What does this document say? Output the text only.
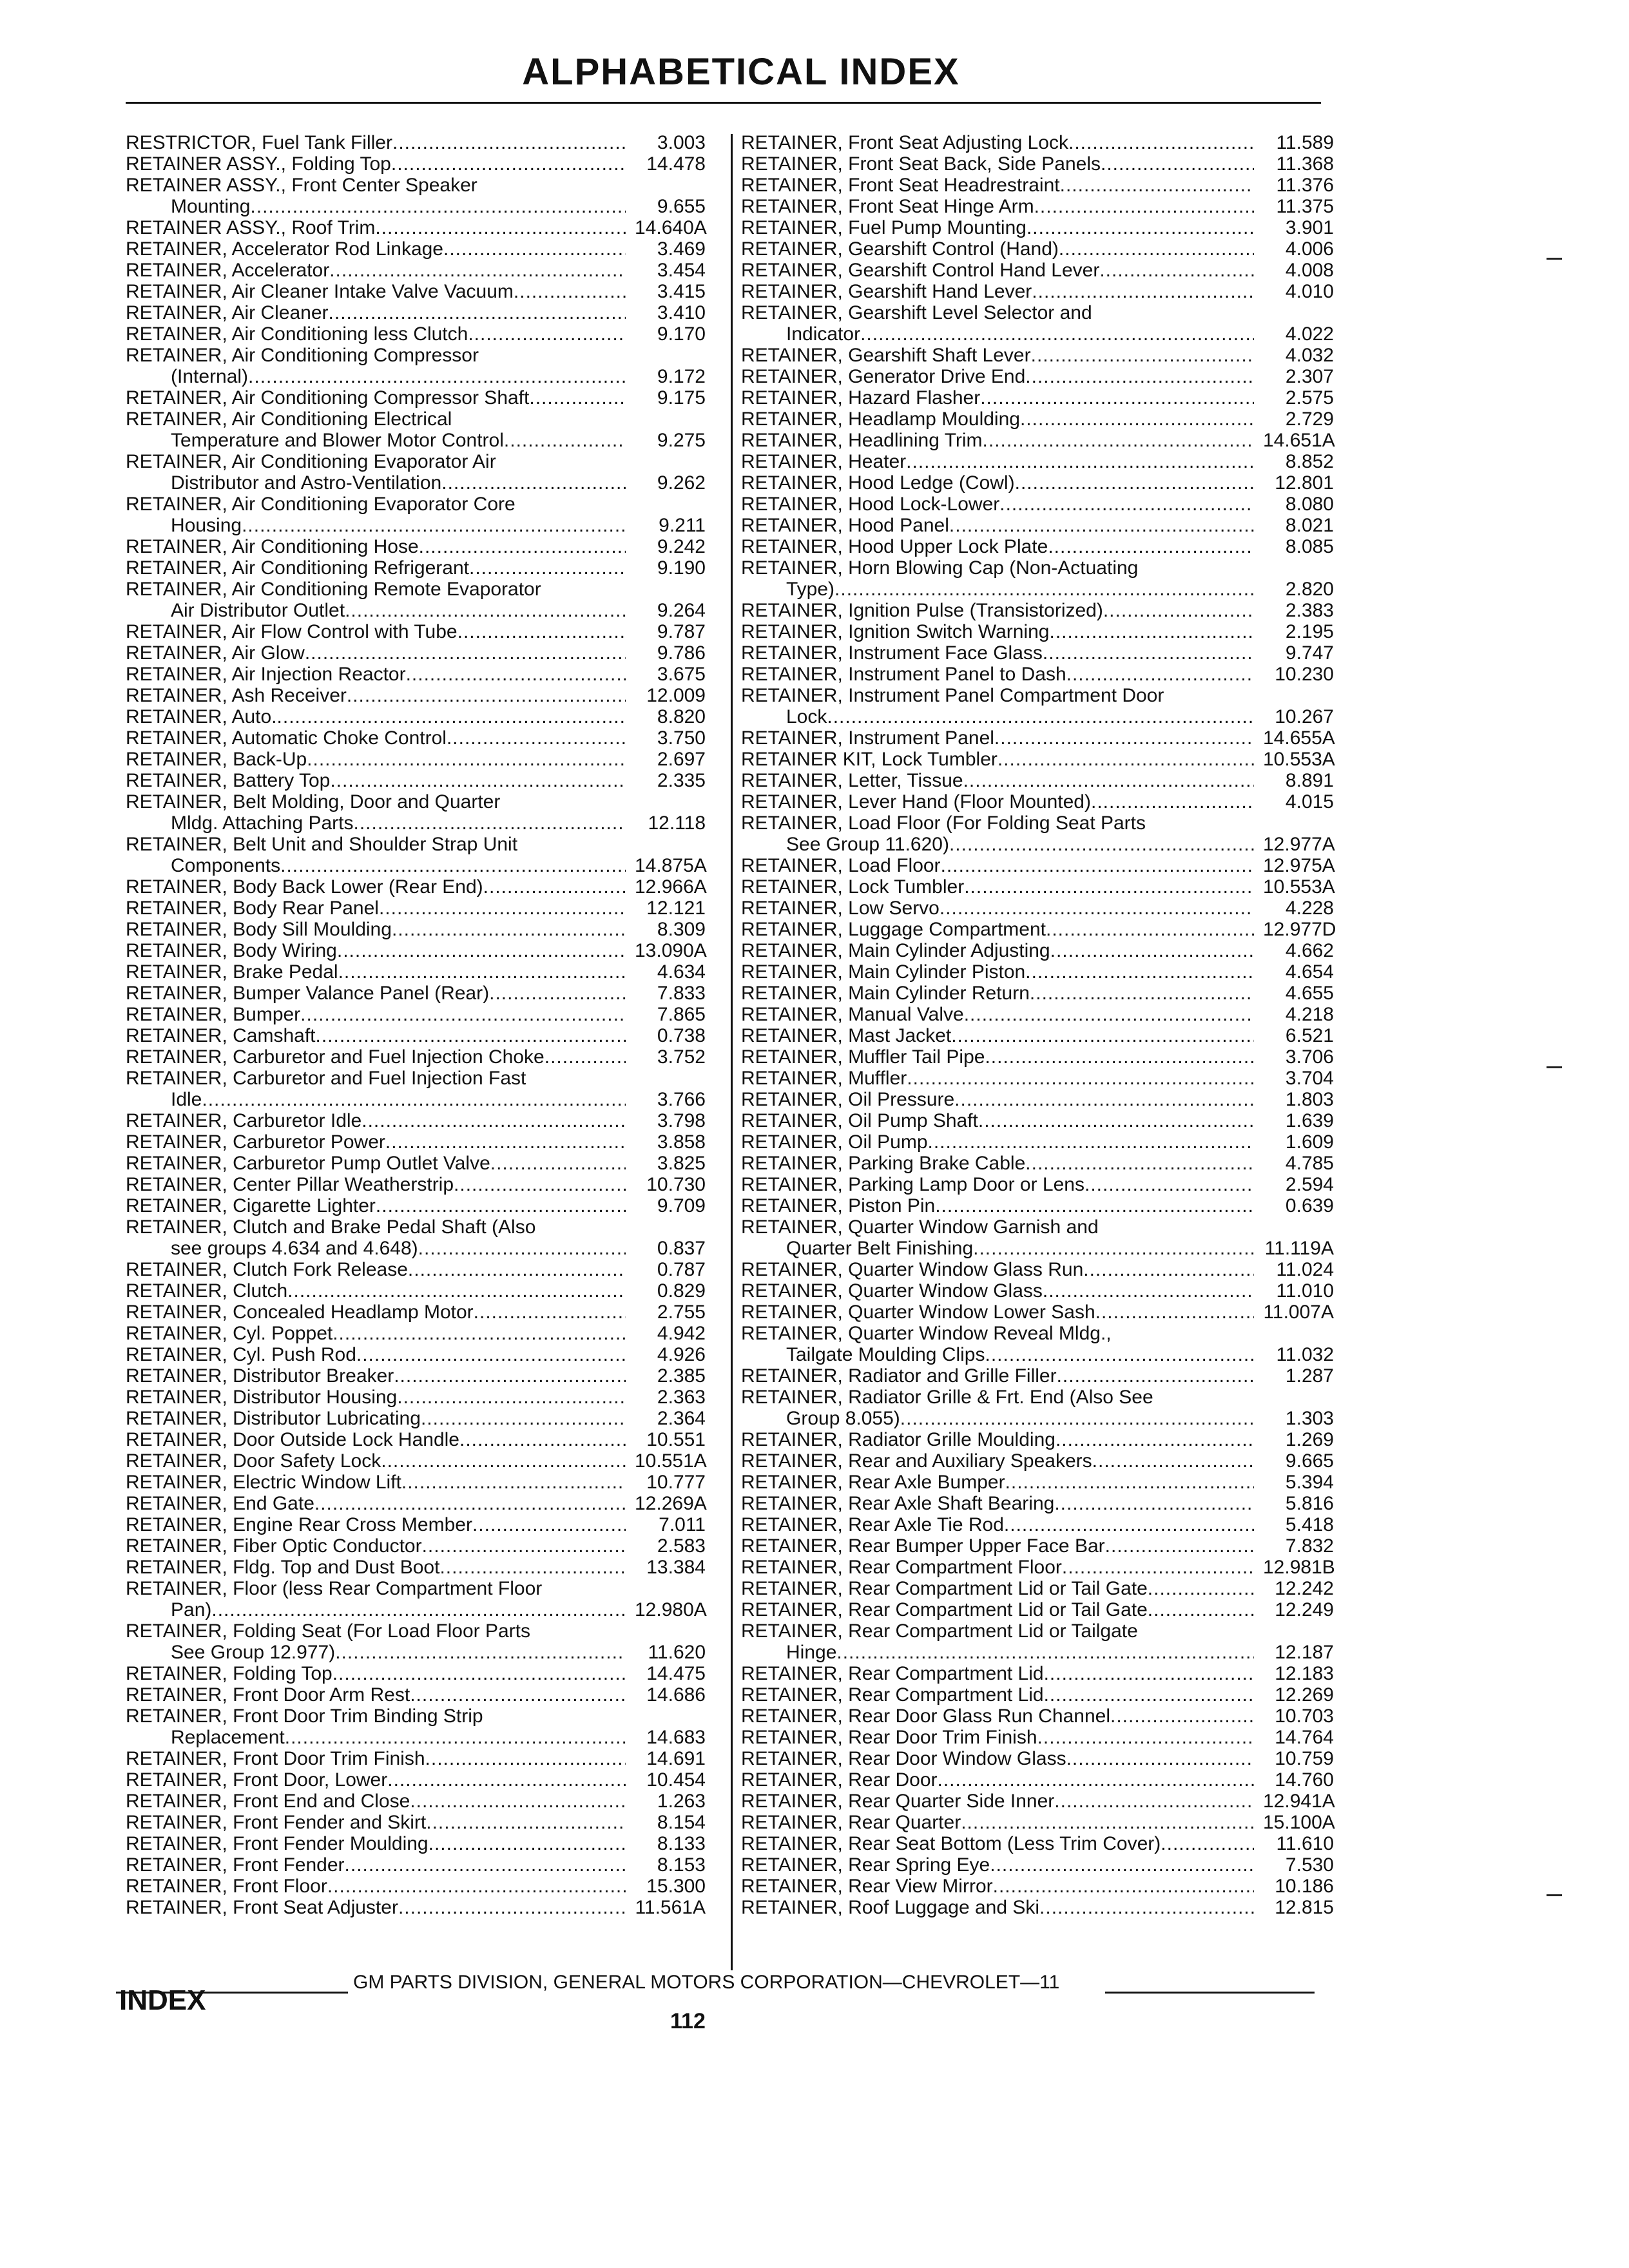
ALPHABETICAL INDEX
RESTRICTOR, Fuel Tank Filler .....	3.003
RETAINER ASSY., Folding Top .....	14.478
RETAINER ASSY., Front Center Speaker
Mounting .....	9.655
RETAINER ASSY., Roof Trim .....	14.640A
RETAINER, Accelerator Rod Linkage .....	3.469
RETAINER, Accelerator .....	3.454
RETAINER, Air Cleaner Intake Valve Vacuum .....	3.415
RETAINER, Air Cleaner .....	3.410
RETAINER, Air Conditioning less Clutch .....	9.170
RETAINER, Air Conditioning Compressor
(Internal) .....	9.172
RETAINER, Air Conditioning Compressor Shaft .....	9.175
RETAINER, Air Conditioning Electrical
Temperature and Blower Motor Control .....	9.275
RETAINER, Air Conditioning Evaporator Air
Distributor and Astro-Ventilation .....	9.262
RETAINER, Air Conditioning Evaporator Core
Housing .....	9.211
RETAINER, Air Conditioning Hose .....	9.242
RETAINER, Air Conditioning Refrigerant .....	9.190
RETAINER, Air Conditioning Remote Evaporator
Air Distributor Outlet .....	9.264
RETAINER, Air Flow Control with Tube .....	9.787
RETAINER, Air Glow .....	9.786
RETAINER, Air Injection Reactor .....	3.675
RETAINER, Ash Receiver .....	12.009
RETAINER, Auto. .....	8.820
RETAINER, Automatic Choke Control .....	3.750
RETAINER, Back-Up .....	2.697
RETAINER, Battery Top .....	2.335
RETAINER, Belt Molding, Door and Quarter
Mldg. Attaching Parts .....	12.118
RETAINER, Belt Unit and Shoulder Strap Unit
Components .....	14.875A
RETAINER, Body Back Lower (Rear End) .....	12.966A
RETAINER, Body Rear Panel .....	12.121
RETAINER, Body Sill Moulding .....	8.309
RETAINER, Body Wiring .....	13.090A
RETAINER, Brake Pedal .....	4.634
RETAINER, Bumper Valance Panel (Rear) .....	7.833
RETAINER, Bumper .....	7.865
RETAINER, Camshaft .....	0.738
RETAINER, Carburetor and Fuel Injection Choke .....	3.752
RETAINER, Carburetor and Fuel Injection Fast
Idle .....	3.766
RETAINER, Carburetor Idle .....	3.798
RETAINER, Carburetor Power .....	3.858
RETAINER, Carburetor Pump Outlet Valve .....	3.825
RETAINER, Center Pillar Weatherstrip .....	10.730
RETAINER, Cigarette Lighter .....	9.709
RETAINER, Clutch and Brake Pedal Shaft (Also
see groups 4.634 and 4.648) .....	0.837
RETAINER, Clutch Fork Release .....	0.787
RETAINER, Clutch .....	0.829
RETAINER, Concealed Headlamp Motor .....	2.755
RETAINER, Cyl. Poppet .....	4.942
RETAINER, Cyl. Push Rod .....	4.926
RETAINER, Distributor Breaker .....	2.385
RETAINER, Distributor Housing .....	2.363
RETAINER, Distributor Lubricating .....	2.364
RETAINER, Door Outside Lock Handle .....	10.551
RETAINER, Door Safety Lock .....	10.551A
RETAINER, Electric Window Lift .....	10.777
RETAINER, End Gate .....	12.269A
RETAINER, Engine Rear Cross Member .....	7.011
RETAINER, Fiber Optic Conductor .....	2.583
RETAINER, Fldg. Top and Dust Boot .....	13.384
RETAINER, Floor (less Rear Compartment Floor
Pan) .....	12.980A
RETAINER, Folding Seat (For Load Floor Parts
See Group 12.977) .....	11.620
RETAINER, Folding Top .....	14.475
RETAINER, Front Door Arm Rest .....	14.686
RETAINER, Front Door Trim Binding Strip
Replacement .....	14.683
RETAINER, Front Door Trim Finish .....	14.691
RETAINER, Front Door, Lower .....	10.454
RETAINER, Front End and Close .....	1.263
RETAINER, Front Fender and Skirt .....	8.154
RETAINER, Front Fender Moulding .....	8.133
RETAINER, Front Fender .....	8.153
RETAINER, Front Floor .....	15.300
RETAINER, Front Seat Adjuster .....	11.561A
RETAINER, Front Seat Adjusting Lock .....	11.589
RETAINER, Front Seat Back, Side Panels .....	11.368
RETAINER, Front Seat Headrestraint .....	11.376
RETAINER, Front Seat Hinge Arm .....	11.375
RETAINER, Fuel Pump Mounting .....	3.901
RETAINER, Gearshift Control (Hand) .....	4.006
RETAINER, Gearshift Control Hand Lever .....	4.008
RETAINER, Gearshift Hand Lever .....	4.010
RETAINER, Gearshift Level Selector and
Indicator .....	4.022
RETAINER, Gearshift Shaft Lever .....	4.032
RETAINER, Generator Drive End .....	2.307
RETAINER, Hazard Flasher .....	2.575
RETAINER, Headlamp Moulding .....	2.729
RETAINER, Headlining Trim .....	14.651A
RETAINER, Heater .....	8.852
RETAINER, Hood Ledge (Cowl) .....	12.801
RETAINER, Hood Lock-Lower .....	8.080
RETAINER, Hood Panel .....	8.021
RETAINER, Hood Upper Lock Plate .....	8.085
RETAINER, Horn Blowing Cap (Non-Actuating
Type) .....	2.820
RETAINER, Ignition Pulse (Transistorized) .....	2.383
RETAINER, Ignition Switch Warning .....	2.195
RETAINER, Instrument Face Glass .....	9.747
RETAINER, Instrument Panel to Dash .....	10.230
RETAINER, Instrument Panel Compartment Door
Lock .....	10.267
RETAINER, Instrument Panel .....	14.655A
RETAINER KIT, Lock Tumbler .....	10.553A
RETAINER, Letter, Tissue .....	8.891
RETAINER, Lever Hand (Floor Mounted) .....	4.015
RETAINER, Load Floor (For Folding Seat Parts
See Group 11.620) .....	12.977A
RETAINER, Load Floor .....	12.975A
RETAINER, Lock Tumbler .....	10.553A
RETAINER, Low Servo .....	4.228
RETAINER, Luggage Compartment .....	12.977D
RETAINER, Main Cylinder Adjusting .....	4.662
RETAINER, Main Cylinder Piston .....	4.654
RETAINER, Main Cylinder Return .....	4.655
RETAINER, Manual Valve .....	4.218
RETAINER, Mast Jacket .....	6.521
RETAINER, Muffler Tail Pipe .....	3.706
RETAINER, Muffler .....	3.704
RETAINER, Oil Pressure .....	1.803
RETAINER, Oil Pump Shaft .....	1.639
RETAINER, Oil Pump .....	1.609
RETAINER, Parking Brake Cable .....	4.785
RETAINER, Parking Lamp Door or Lens .....	2.594
RETAINER, Piston Pin .....	0.639
RETAINER, Quarter Window Garnish and
Quarter Belt Finishing .....	11.119A
RETAINER, Quarter Window Glass Run .....	11.024
RETAINER, Quarter Window Glass .....	11.010
RETAINER, Quarter Window Lower Sash .....	11.007A
RETAINER, Quarter Window Reveal Mldg.,
Tailgate Moulding Clips .....	11.032
RETAINER, Radiator and Grille Filler .....	1.287
RETAINER, Radiator Grille & Frt. End (Also See
Group 8.055) .....	1.303
RETAINER, Radiator Grille Moulding .....	1.269
RETAINER, Rear and Auxiliary Speakers .....	9.665
RETAINER, Rear Axle Bumper .....	5.394
RETAINER, Rear Axle Shaft Bearing .....	5.816
RETAINER, Rear Axle Tie Rod .....	5.418
RETAINER, Rear Bumper Upper Face Bar .....	7.832
RETAINER, Rear Compartment Floor .....	12.981B
RETAINER, Rear Compartment Lid or Tail Gate .....	12.242
RETAINER, Rear Compartment Lid or Tail Gate .....	12.249
RETAINER, Rear Compartment Lid or Tailgate
Hinge .....	12.187
RETAINER, Rear Compartment Lid .....	12.183
RETAINER, Rear Compartment Lid .....	12.269
RETAINER, Rear Door Glass Run Channel .....	10.703
RETAINER, Rear Door Trim Finish .....	14.764
RETAINER, Rear Door Window Glass .....	10.759
RETAINER, Rear Door .....	14.760
RETAINER, Rear Quarter Side Inner .....	12.941A
RETAINER, Rear Quarter .....	15.100A
RETAINER, Rear Seat Bottom (Less Trim Cover) .....	11.610
RETAINER, Rear Spring Eye .....	7.530
RETAINER, Rear View Mirror .....	10.186
RETAINER, Roof Luggage and Ski .....	12.815
GM PARTS DIVISION, GENERAL MOTORS CORPORATION—CHEVROLET—11
INDEX
112
